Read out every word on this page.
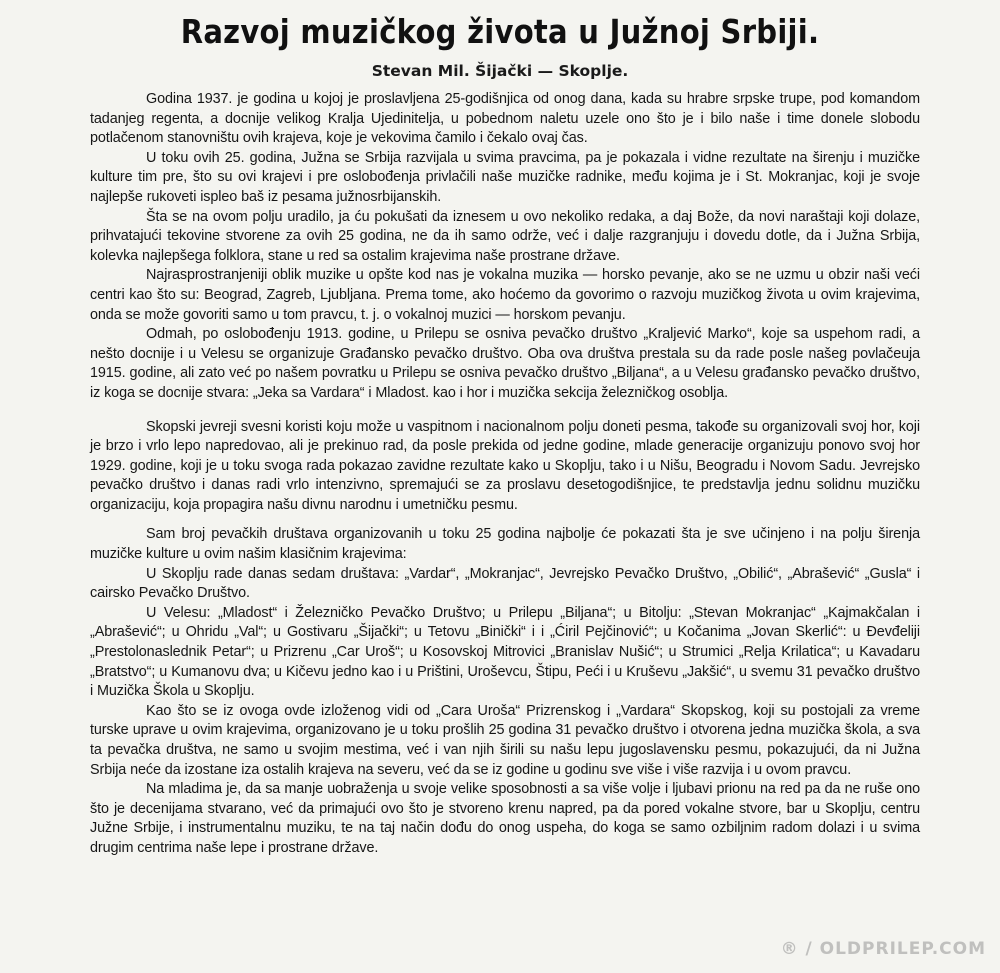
Razvoj muzičkog života u Južnoj Srbiji.
Stevan Mil. Šijački — Skoplje.

Godina 1937. je godina u kojoj je proslavljena 25-godišnjica od onog dana, kada su hrabre srpske trupe, pod komandom tadanjeg regenta, a docnije velikog Kralja Ujedinitelja, u pobednom naletu uzele ono što je i bilo naše i time donele slobodu potlačenom stanovništu ovih krajeva, koje je vekovima čamilo i čekalo ovaj čas.

U toku ovih 25. godina, Južna se Srbija razvijala u svima pravcima, pa je pokazala i vidne rezultate na širenju i muzičke kulture tim pre, što su ovi krajevi i pre oslobođenja privlačili naše muzičke radnike, među kojima je i St. Mokranjac, koji je svoje najlepše rukoveti ispleo baš iz pesama južnosrbijanskih.

Šta se na ovom polju uradilo, ja ću pokušati da iznesem u ovo nekoliko redaka, a daj Bože, da novi naraštaji koji dolaze, prihvatajući tekovine stvorene za ovih 25 godina, ne da ih samo održe, već i dalje razgranjuju i dovedu dotle, da i Južna Srbija, kolevka najlepšega folklora, stane u red sa ostalim krajevima naše prostrane države.

Najrasprostranjeniji oblik muzike u opšte kod nas je vokalna muzika — horsko pevanje, ako se ne uzmu u obzir naši veći centri kao što su: Beograd, Zagreb, Ljubljana. Prema tome, ako hoćemo da govorimo o razvoju muzičkog života u ovim krajevima, onda se može govoriti samo u tom pravcu, t. j. o vokalnoj muzici — horskom pevanju.

Odmah, po oslobođenju 1913. godine, u Prilepu se osniva pevačko društvo „Kraljević Marko“, koje sa uspehom radi, a nešto docnije i u Velesu se organizuje Građansko pevačko društvo. Oba ova društva prestala su da rade posle našeg povlačeuja 1915. godine, ali zato već po našem povratku u Prilepu se osniva pevačko društvo „Biljana“, a u Velesu građansko pevačko društvo, iz koga se docnije stvara: „Jeka sa Vardara“ i Mladost. kao i hor i muzička sekcija železničkog osoblja.

Skopski jevreji svesni koristi koju može u vaspitnom i nacionalnom polju doneti pesma, takođe su organizovali svoj hor, koji je brzo i vrlo lepo napredovao, ali je prekinuo rad, da posle prekida od jedne godine, mlade generacije organizuju ponovo svoj hor 1929. godine, koji je u toku svoga rada pokazao zavidne rezultate kako u Skoplju, tako i u Nišu, Beogradu i Novom Sadu. Jevrejsko pevačko društvo i danas radi vrlo intenzivno, spremajući se za proslavu desetogodišnjice, te predstavlja jednu solidnu muzičku organizaciju, koja propagira našu divnu narodnu i umetničku pesmu.

Sam broj pevačkih društava organizovanih u toku 25 godina najbolje će pokazati šta je sve učinjeno i na polju širenja muzičke kulture u ovim našim klasičnim krajevima:

U Skoplju rade danas sedam društava: „Vardar“, „Mokranjac“, Jevrejsko Pevačko Društvo, „Obilić“, „Abrašević“ „Gusla“ i cairsko Pevačko Društvo.

U Velesu: „Mladost“ i Železničko Pevačko Društvo; u Prilepu „Biljana“; u Bitolju: „Stevan Mokranjac“ „Kajmakčalan i „Abrašević“; u Ohridu „Val“; u Gostivaru „Šijački“; u Tetovu „Binički“ i i „Ćiril Pejčinović“; u Kočanima „Jovan Skerlić“: u Đevđeliji „Prestolonaslednik Petar“; u Prizrenu „Car Uroš“; u Kosovskoj Mitrovici „Branislav Nušić“; u Strumici „Relja Krilatica“; u Kavadaru „Bratstvo“; u Kumanovu dva; u Kičevu jedno kao i u Prištini, Uroševcu, Štipu, Peći i u Kruševu „Jakšić“, u svemu 31 pevačko društvo i Muzička Škola u Skoplju.

Kao što se iz ovoga ovde izloženog vidi od „Cara Uroša“ Prizrenskog i „Vardara“ Skopskog, koji su postojali za vreme turske uprave u ovim krajevima, organizovano je u toku prošlih 25 godina 31 pevačko društvo i otvorena jedna muzička škola, a sva ta pevačka društva, ne samo u svojim mestima, već i van njih širili su našu lepu jugoslavensku pesmu, pokazujući, da ni Južna Srbija neće da izostane iza ostalih krajeva na severu, već da se iz godine u godinu sve više i više razvija i u ovom pravcu.

Na mladima je, da sa manje uobraženja u svoje velike sposobnosti a sa više volje i ljubavi prionu na red pa da ne ruše ono što je decenijama stvarano, već da primajući ovo što je stvoreno krenu napred, pa da pored vokalne stvore, bar u Skoplju, centru Južne Srbije, i instrumentalnu muziku, te na taj način dođu do onog uspeha, do koga se samo ozbiljnim radom dolazi i u svima drugim centrima naše lepe i prostrane države.

® / OLDPRILEP.COM
